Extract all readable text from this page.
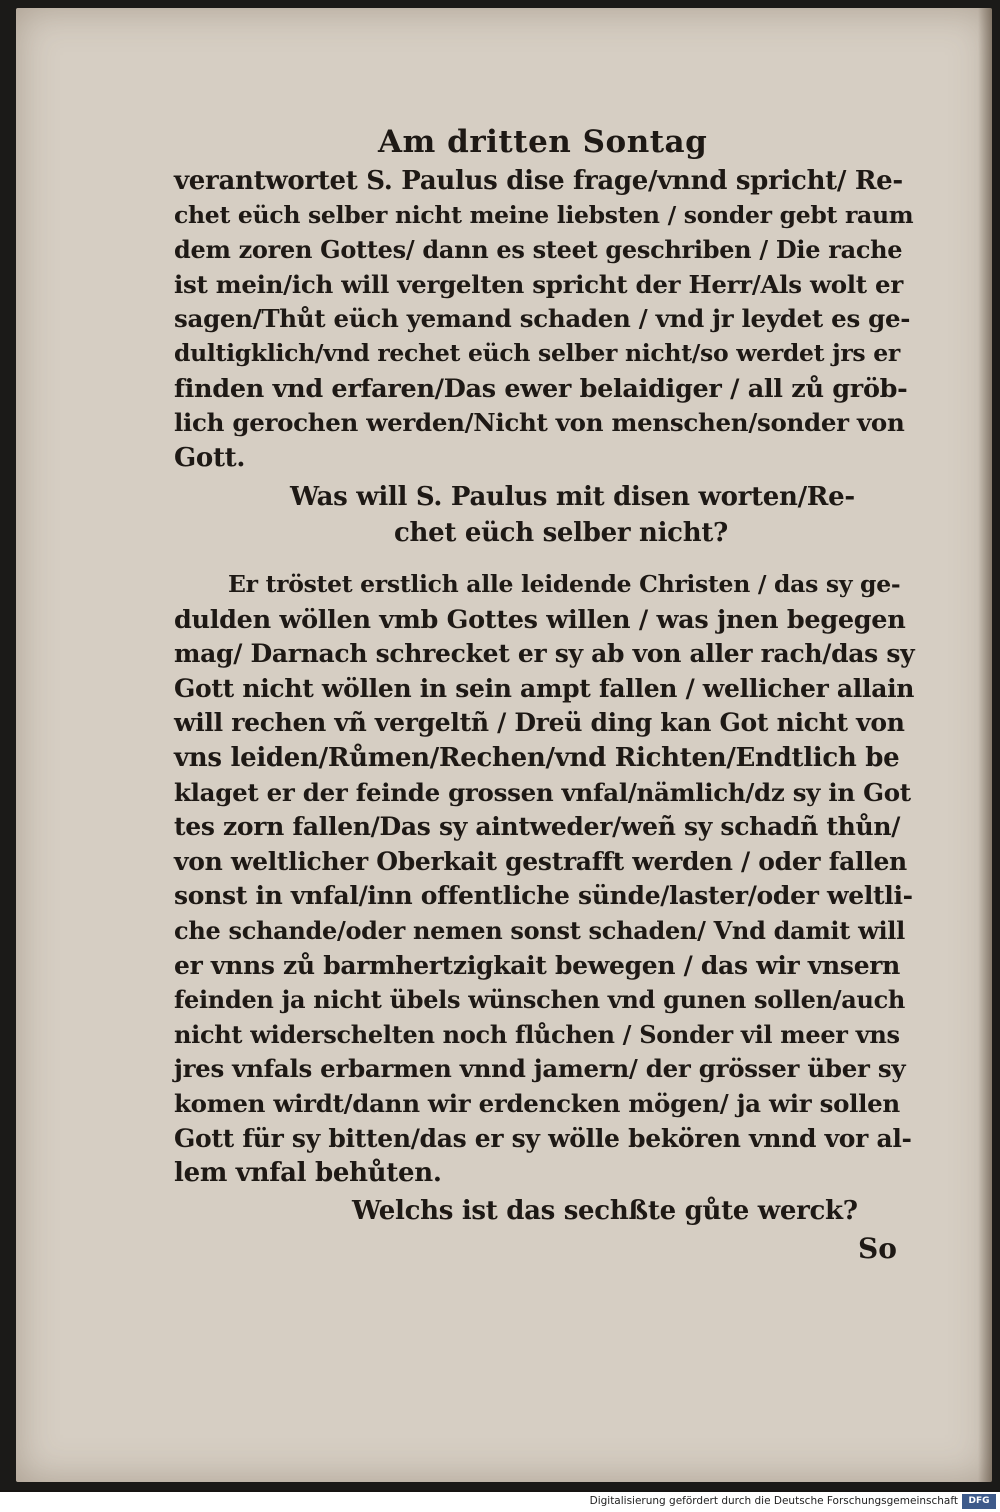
Am dritten Sontag
verantwortet S. Paulus dise frage/vnnd spricht/ Re-
chet eüch selber nicht meine liebsten / sonder gebt raum
dem zoren Gottes/ dann es steet geschriben / Die rache
ist mein/ich will vergelten spricht der Herr/Als wolt er
sagen/Thůt eüch yemand schaden / vnd jr leydet es ge-
dultigklich/vnd rechet eüch selber nicht/so werdet jrs er
finden vnd erfaren/Das ewer belaidiger / all zů gröb-
lich gerochen werden/Nicht von menschen/sonder von
Gott.
Was will S. Paulus mit disen worten/Re-
chet eüch selber nicht?
Er tröstet erstlich alle leidende Christen / das sy ge-
dulden wöllen vmb Gottes willen / was jnen begegen
mag/ Darnach schrecket er sy ab von aller rach/das sy
Gott nicht wöllen in sein ampt fallen / wellicher allain
will rechen vñ vergeltñ / Dreü ding kan Got nicht von
vns leiden/Růmen/Rechen/vnd Richten/Endtlich be
klaget er der feinde grossen vnfal/nämlich/dz sy in Got
tes zorn fallen/Das sy aintweder/weñ sy schadñ thůn/
von weltlicher Oberkait gestrafft werden / oder fallen
sonst in vnfal/inn offentliche sünde/laster/oder weltli-
che schande/oder nemen sonst schaden/ Vnd damit will
er vnns zů barmhertzigkait bewegen / das wir vnsern
feinden ja nicht übels wünschen vnd gunen sollen/auch
nicht widerschelten noch flůchen / Sonder vil meer vns
jres vnfals erbarmen vnnd jamern/ der grösser über sy
komen wirdt/dann wir erdencken mögen/ ja wir sollen
Gott für sy bitten/das er sy wölle bekören vnnd vor al-
lem vnfal behůten.
Welchs ist das sechßte gůte werck?
So
Digitalisierung gefördert durch die Deutsche Forschungsgemeinschaft	DFG
